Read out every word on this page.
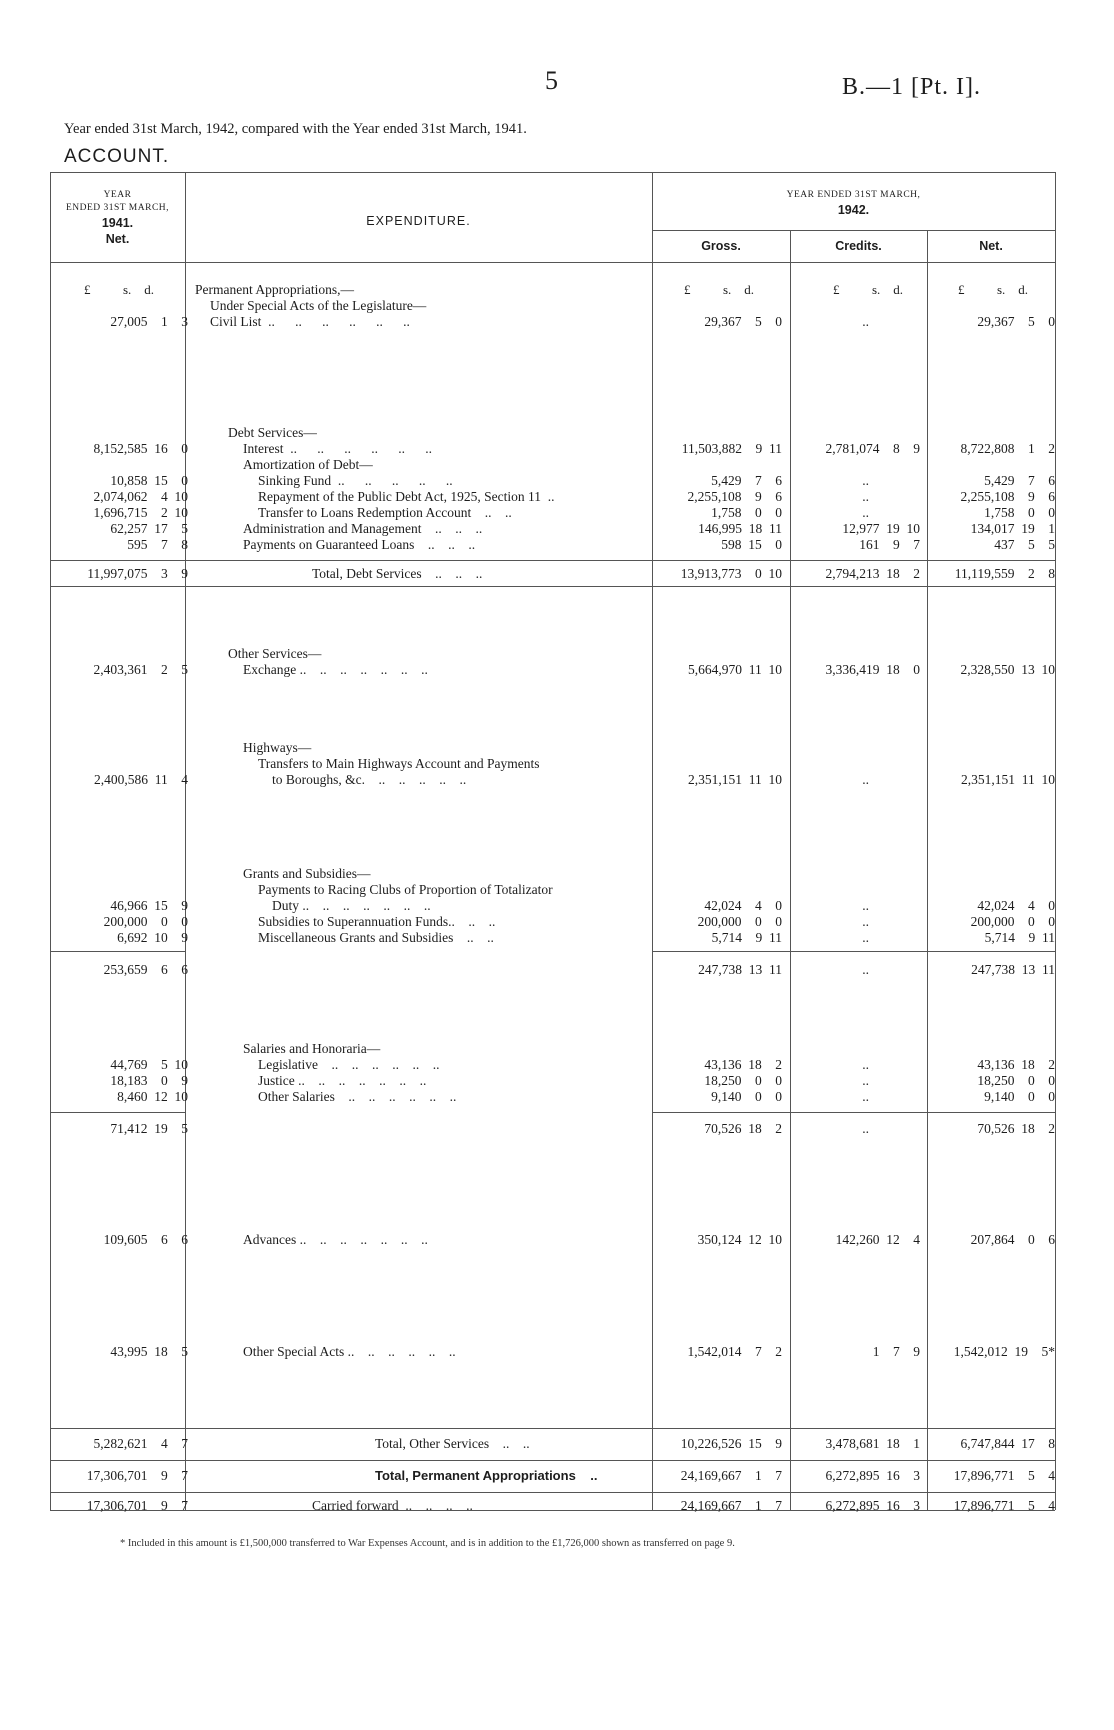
5	B.—1 [Pt. I].
Year ended 31st March, 1942, compared with the Year ended 31st March, 1941.
ACCOUNT.
YEAR
ENDED 31ST MARCH,
1941.
Net.
EXPENDITURE.
YEAR ENDED 31ST MARCH,
1942.
Gross.	Credits.	Net.
£          s.    d.	£          s.    d.	£          s.    d.	£          s.    d.
Permanent Appropriations,—
Under Special Acts of the Legislature—
Civil List  ..      ..      ..      ..      ..      ..
27,005    1    3	29,367    5    0	..	29,367    5    0
Debt Services—
Interest  ..      ..      ..      ..      ..      ..
8,152,585  16    0	11,503,882    9  11	2,781,074    8    9	8,722,808    1    2
Amortization of Debt—
Sinking Fund  ..      ..      ..      ..      ..
10,858  15    0	5,429    7    6	..	5,429    7    6
Repayment of the Public Debt Act, 1925, Section 11  ..
2,074,062    4  10	2,255,108    9    6	..	2,255,108    9    6
Transfer to Loans Redemption Account    ..    ..
1,696,715    2  10	1,758    0    0	..	1,758    0    0
Administration and Management    ..    ..    ..
62,257  17    5	146,995  18  11	12,977  19  10	134,017  19    1
Payments on Guaranteed Loans    ..    ..    ..
595    7    8	598  15    0	161    9    7	437    5    5
Total, Debt Services    ..    ..    ..
11,997,075    3    9	13,913,773    0  10	2,794,213  18    2	11,119,559    2    8
Other Services—
Exchange ..    ..    ..    ..    ..    ..    ..
2,403,361    2    5	5,664,970  11  10	3,336,419  18    0	2,328,550  13  10
Highways—
Transfers to Main Highways Account and Payments
to Boroughs, &c.    ..    ..    ..    ..    ..
2,400,586  11    4	2,351,151  11  10	..	2,351,151  11  10
Grants and Subsidies—
Payments to Racing Clubs of Proportion of Totalizator
Duty ..    ..    ..    ..    ..    ..    ..
46,966  15    9	42,024    4    0	..	42,024    4    0
Subsidies to Superannuation Funds..    ..    ..
200,000    0    0	200,000    0    0	..	200,000    0    0
Miscellaneous Grants and Subsidies    ..    ..
6,692  10    9	5,714    9  11	..	5,714    9  11
253,659    6    6	247,738  13  11	..	247,738  13  11
Salaries and Honoraria—
Legislative    ..    ..    ..    ..    ..    ..
44,769    5  10	43,136  18    2	..	43,136  18    2
Justice ..    ..    ..    ..    ..    ..    ..
18,183    0    9	18,250    0    0	..	18,250    0    0
Other Salaries    ..    ..    ..    ..    ..    ..
8,460  12  10	9,140    0    0	..	9,140    0    0
71,412  19    5	70,526  18    2	..	70,526  18    2
Advances ..    ..    ..    ..    ..    ..    ..
109,605    6    6	350,124  12  10	142,260  12    4	207,864    0    6
Other Special Acts ..    ..    ..    ..    ..    ..
43,995  18    5	1,542,014    7    2	1    7    9	1,542,012  19    5*
Total, Other Services    ..    ..
5,282,621    4    7	10,226,526  15    9	3,478,681  18    1	6,747,844  17    8
Total, Permanent Appropriations    ..
17,306,701    9    7	24,169,667    1    7	6,272,895  16    3	17,896,771    5    4
Carried forward  ..    ..    ..    ..
17,306,701    9    7	24,169,667    1    7	6,272,895  16    3	17,896,771    5    4
* Included in this amount is £1,500,000 transferred to War Expenses Account, and is in addition to the £1,726,000 shown as transferred on page 9.
